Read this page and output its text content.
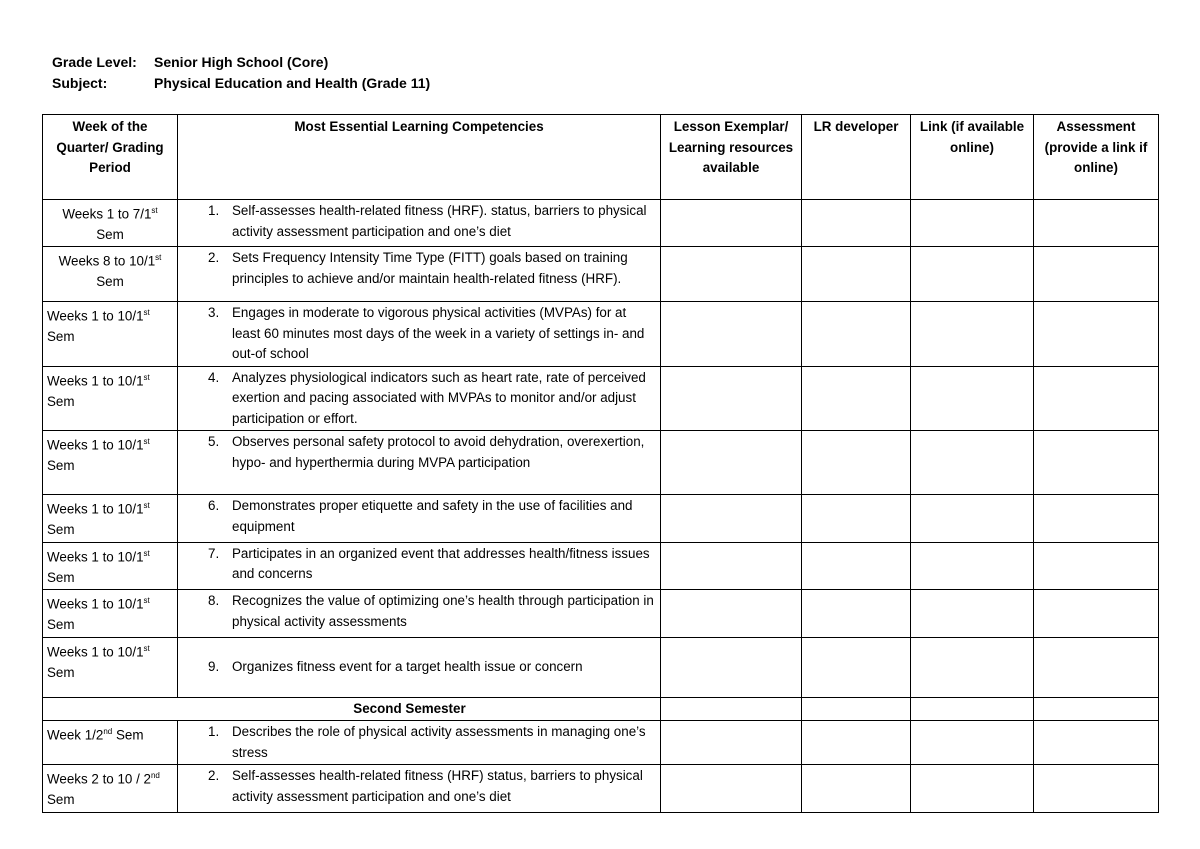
Grade Level:	Senior High School (Core)
Subject:	Physical Education and Health (Grade 11)
Week of the Quarter/ Grading Period	Most Essential Learning Competencies	Lesson Exemplar/ Learning resources available	LR developer	Link (if available online)	Assessment (provide a link if online)
Weeks 1 to 7/1st Sem	1. Self-assesses health-related fitness (HRF). status, barriers to physical activity assessment participation and one’s diet				

Weeks 8 to 10/1st Sem	2. Sets Frequency Intensity Time Type (FITT) goals based on training principles to achieve and/or maintain health-related fitness (HRF).				

Weeks 1 to 10/1st Sem	3. Engages in moderate to vigorous physical activities (MVPAs) for at least 60 minutes most days of the week in a variety of settings in- and out-of school				

Weeks 1 to 10/1st Sem	4. Analyzes physiological indicators such as heart rate, rate of perceived exertion and pacing associated with MVPAs to monitor and/or adjust participation or effort.				

Weeks 1 to 10/1st Sem	5. Observes personal safety protocol to avoid dehydration, overexertion, hypo- and hyperthermia during MVPA participation				

Weeks 1 to 10/1st Sem	6. Demonstrates proper etiquette and safety in the use of facilities and equipment				

Weeks 1 to 10/1st Sem	7. Participates in an organized event that addresses health/fitness issues and concerns				

Weeks 1 to 10/1st Sem	8. Recognizes the value of optimizing one’s health through participation in physical activity assessments				

Weeks 1 to 10/1st Sem	9. Organizes fitness event for a target health issue or concern				

Second Semester					
Week 1/2nd Sem	1. Describes the role of physical activity assessments in managing one’s stress				

Weeks 2 to 10 / 2nd Sem	2. Self-assesses health-related fitness (HRF) status, barriers to physical activity assessment participation and one’s diet				
